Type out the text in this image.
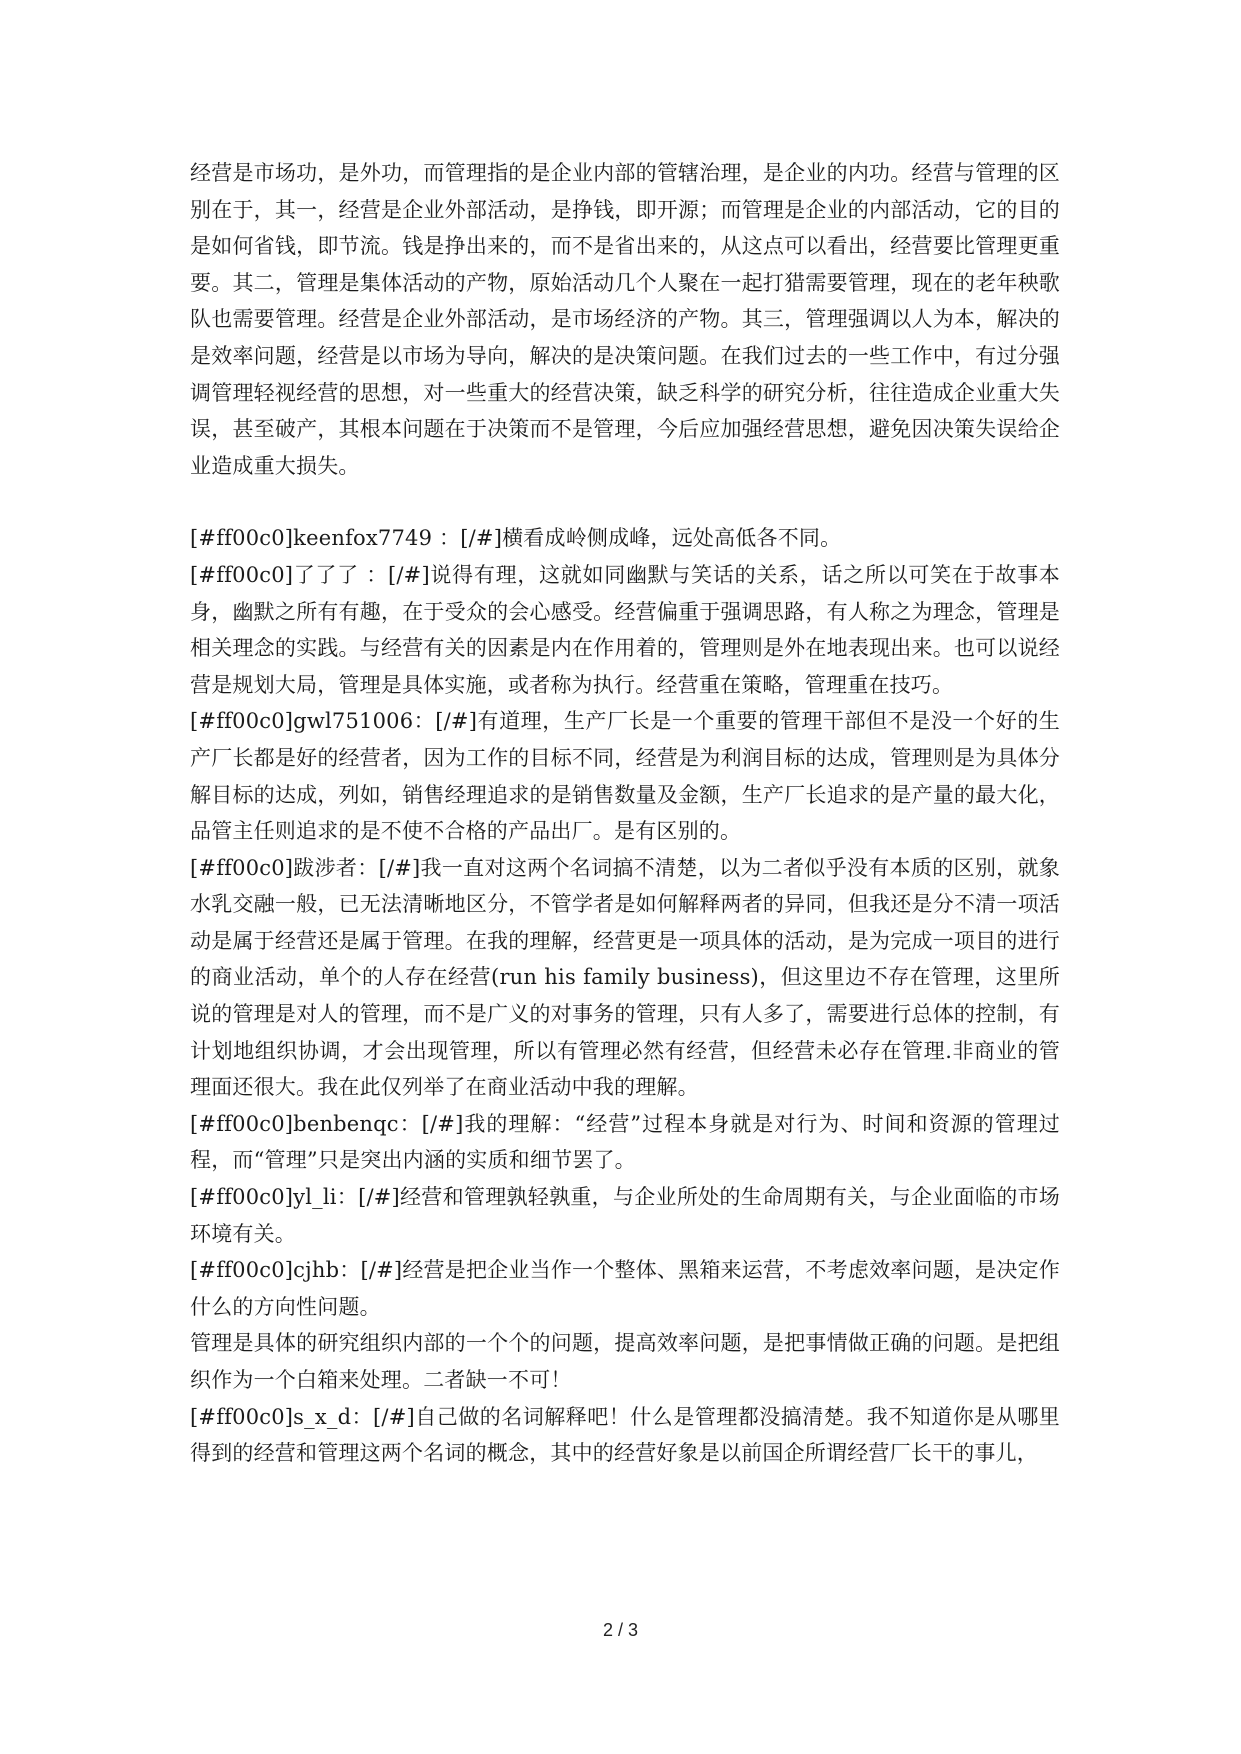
经营是市场功，是外功，而管理指的是企业内部的管辖治理，是企业的内功。经营与管理的区别在于，其一，经营是企业外部活动，是挣钱，即开源；而管理是企业的内部活动，它的目的是如何省钱，即节流。钱是挣出来的，而不是省出来的，从这点可以看出，经营要比管理更重要。其二，管理是集体活动的产物，原始活动几个人聚在一起打猎需要管理，现在的老年秧歌队也需要管理。经营是企业外部活动，是市场经济的产物。其三，管理强调以人为本，解决的是效率问题，经营是以市场为导向，解决的是决策问题。在我们过去的一些工作中，有过分强调管理轻视经营的思想，对一些重大的经营决策，缺乏科学的研究分析，往往造成企业重大失误，甚至破产，其根本问题在于决策而不是管理，今后应加强经营思想，避免因决策失误给企业造成重大损失。

[#ff00c0]keenfox7749 ：[/#]横看成岭侧成峰，远处高低各不同。

[#ff00c0]了了了 ：[/#]说得有理，这就如同幽默与笑话的关系，话之所以可笑在于故事本身，幽默之所有有趣，在于受众的会心感受。经营偏重于强调思路，有人称之为理念，管理是相关理念的实践。与经营有关的因素是内在作用着的，管理则是外在地表现出来。也可以说经营是规划大局，管理是具体实施，或者称为执行。经营重在策略，管理重在技巧。

[#ff00c0]gwl751006：[/#]有道理，生产厂长是一个重要的管理干部但不是没一个好的生产厂长都是好的经营者，因为工作的目标不同，经营是为利润目标的达成，管理则是为具体分解目标的达成，列如，销售经理追求的是销售数量及金额，生产厂长追求的是产量的最大化，品管主任则追求的是不使不合格的产品出厂。是有区别的。

[#ff00c0]跋涉者：[/#]我一直对这两个名词搞不清楚，以为二者似乎没有本质的区别，就象水乳交融一般，已无法清晰地区分，不管学者是如何解释两者的异同，但我还是分不清一项活动是属于经营还是属于管理。在我的理解，经营更是一项具体的活动，是为完成一项目的进行的商业活动，单个的人存在经营(run his family business)，但这里边不存在管理，这里所说的管理是对人的管理，而不是广义的对事务的管理，只有人多了，需要进行总体的控制，有计划地组织协调，才会出现管理，所以有管理必然有经营，但经营未必存在管理.非商业的管理面还很大。我在此仅列举了在商业活动中我的理解。

[#ff00c0]benbenqc：[/#]我的理解：“经营”过程本身就是对行为、时间和资源的管理过程，而“管理”只是突出内涵的实质和细节罢了。

[#ff00c0]yl_li：[/#]经营和管理孰轻孰重，与企业所处的生命周期有关，与企业面临的市场环境有关。

[#ff00c0]cjhb：[/#]经营是把企业当作一个整体、黑箱来运营，不考虑效率问题，是决定作什么的方向性问题。

管理是具体的研究组织内部的一个个的问题，提高效率问题，是把事情做正确的问题。是把组织作为一个白箱来处理。二者缺一不可！

[#ff00c0]s_x_d：[/#]自己做的名词解释吧！什么是管理都没搞清楚。我不知道你是从哪里得到的经营和管理这两个名词的概念，其中的经营好象是以前国企所谓经营厂长干的事儿，

2 / 3
